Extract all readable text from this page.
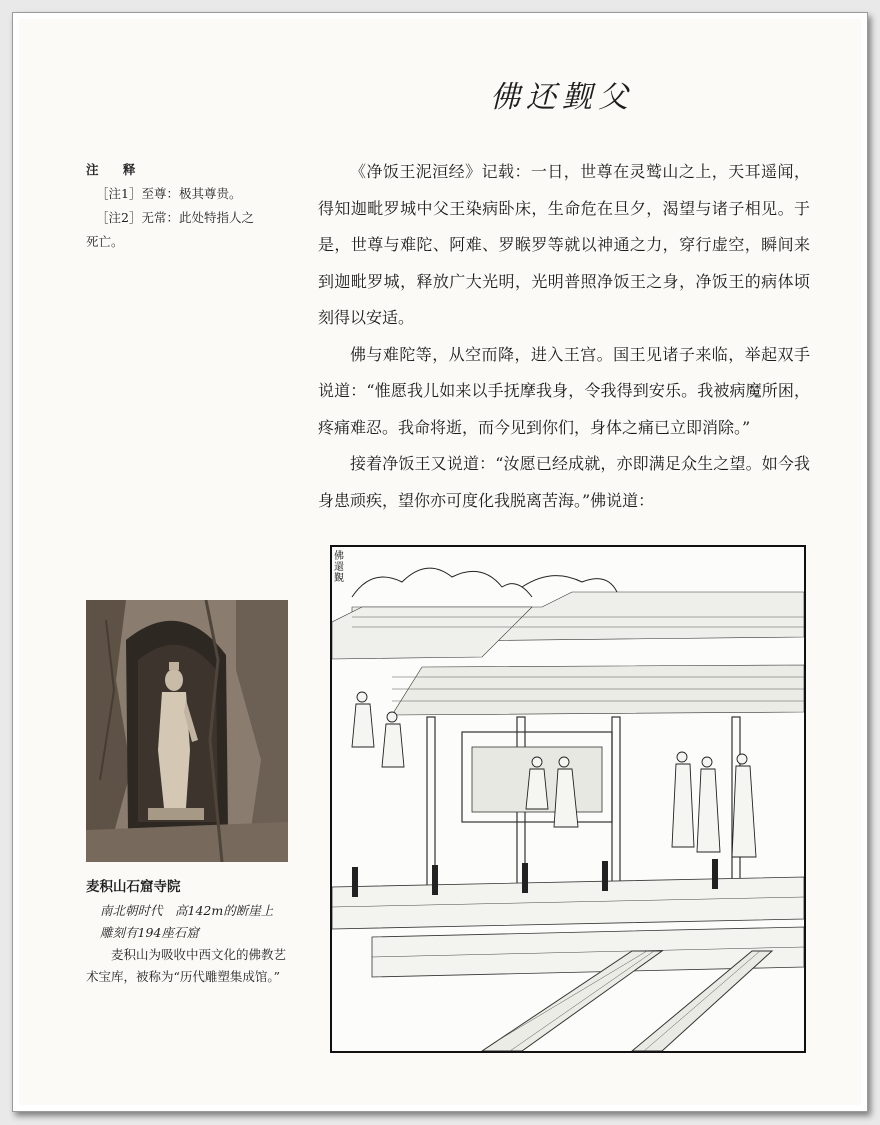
佛还觐父
注 释
［注1］至尊：极其尊贵。
［注2］无常：此处特指人之
死亡。

《净饭王泥洹经》记载：一日，世尊在灵鹫山之上，天耳遥闻，得知迦毗罗城中父王染病卧床，生命危在旦夕，渴望与诸子相见。于是，世尊与难陀、阿难、罗睺罗等就以神通之力，穿行虚空，瞬间来到迦毗罗城，释放广大光明，光明普照净饭王之身，净饭王的病体顷刻得以安适。

佛与难陀等，从空而降，进入王宫。国王见诸子来临，举起双手说道：“惟愿我儿如来以手抚摩我身，令我得到安乐。我被病魔所困，疼痛难忍。我命将逝，而今见到你们，身体之痛已立即消除。”

接着净饭王又说道：“汝愿已经成就，亦即满足众生之望。如今我身患顽疾，望你亦可度化我脱离苦海。”佛说道：

麦积山石窟寺院
南北朝时代　高142m的断崖上
雕刻有194座石窟
麦积山为吸收中西文化的佛教艺术宝库，被称为“历代雕塑集成馆。”
佛還覲
